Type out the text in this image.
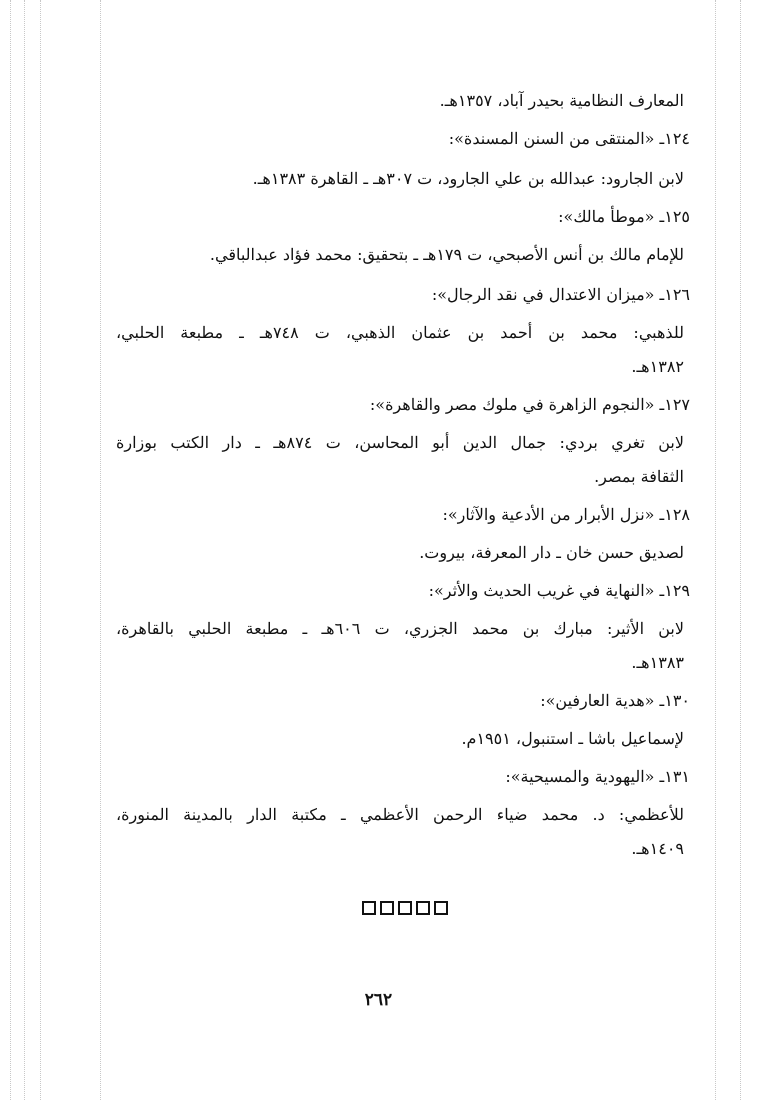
المعارف النظامية بحيدر آباد، ١٣٥٧هـ.
١٢٤ـ «المنتقى من السنن المسندة»:
لابن الجارود: عبدالله بن علي الجارود، ت ٣٠٧هـ ـ القاهرة ١٣٨٣هـ.
١٢٥ـ «موطأ مالك»:
للإمام مالك بن أنس الأصبحي، ت ١٧٩هـ ـ بتحقيق: محمد فؤاد عبدالباقي.
١٢٦ـ «ميزان الاعتدال في نقد الرجال»:
للذهبي: محمد بن أحمد بن عثمان الذهبي، ت ٧٤٨هـ ـ مطبعة الحلبي،
١٣٨٢هـ.
١٢٧ـ «النجوم الزاهرة في ملوك مصر والقاهرة»:
لابن تغري بردي: جمال الدين أبو المحاسن، ت ٨٧٤هـ ـ دار الكتب بوزارة
الثقافة بمصر.
١٢٨ـ «نزل الأبرار من الأدعية والآثار»:
لصديق حسن خان ـ دار المعرفة، بيروت.
١٢٩ـ «النهاية في غريب الحديث والأثر»:
لابن الأثير: مبارك بن محمد الجزري، ت ٦٠٦هـ ـ مطبعة الحلبي بالقاهرة،
١٣٨٣هـ.
١٣٠ـ «هدية العارفين»:
لإسماعيل باشا ـ استنبول، ١٩٥١م.
١٣١ـ «اليهودية والمسيحية»:
للأعظمي: د. محمد ضياء الرحمن الأعظمي ـ مكتبة الدار بالمدينة المنورة،
١٤٠٩هـ.
٢٦٢
